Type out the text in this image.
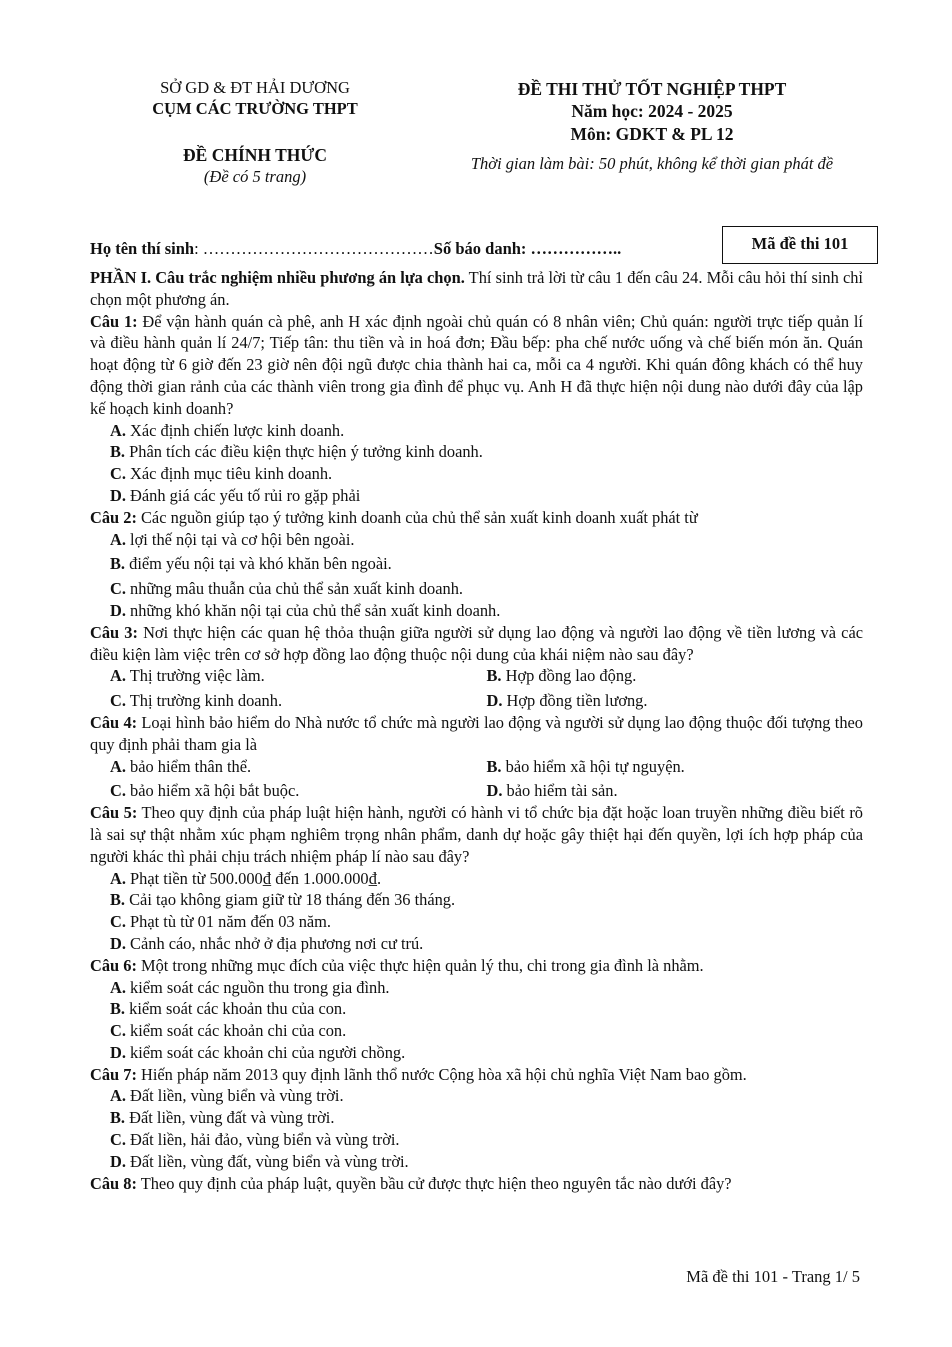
SỞ GD & ĐT HẢI DƯƠNG
CỤM CÁC TRƯỜNG THPT
ĐỀ CHÍNH THỨC
(Đề có 5 trang)
ĐỀ THI THỬ TỐT NGHIỆP THPT
Năm học: 2024 - 2025
Môn: GDKT & PL 12
Thời gian làm bài: 50 phút, không kể thời gian phát đề
Họ tên thí sinh: ……………………………………Số báo danh: ……………..	Mã đề thi 101
PHẦN I. Câu trắc nghiệm nhiều phương án lựa chọn. Thí sinh trả lời từ câu 1 đến câu 24. Mỗi câu hỏi thí sinh chỉ chọn một phương án.
Câu 1: Để vận hành quán cà phê, anh H xác định ngoài chủ quán có 8 nhân viên; Chủ quán: người trực tiếp quản lí và điều hành quản lí 24/7; Tiếp tân: thu tiền và in hoá đơn; Đầu bếp: pha chế nước uống và chế biến món ăn. Quán hoạt động từ 6 giờ đến 23 giờ nên đội ngũ được chia thành hai ca, mỗi ca 4 người. Khi quán đông khách có thể huy động thời gian rảnh của các thành viên trong gia đình để phục vụ. Anh H đã thực hiện nội dung nào dưới đây của lập kế hoạch kinh doanh?
A. Xác định chiến lược kinh doanh.
B. Phân tích các điều kiện thực hiện ý tưởng kinh doanh.
C. Xác định mục tiêu kinh doanh.
D. Đánh giá các yếu tố rủi ro gặp phải
Câu 2: Các nguồn giúp tạo ý tưởng kinh doanh của chủ thể sản xuất kinh doanh xuất phát từ
A. lợi thế nội tại và cơ hội bên ngoài.
B. điểm yếu nội tại và khó khăn bên ngoài.
C. những mâu thuẫn của chủ thể sản xuất kinh doanh.
D. những khó khăn nội tại của chủ thể sản xuất kinh doanh.
Câu 3: Nơi thực hiện các quan hệ thỏa thuận giữa người sử dụng lao động và người lao động về tiền lương và các điều kiện làm việc trên cơ sở hợp đồng lao động thuộc nội dung của khái niệm nào sau đây?
A. Thị trường việc làm.	B. Hợp đồng lao động.
C. Thị trường kinh doanh.	D. Hợp đồng tiền lương.
Câu 4: Loại hình bảo hiểm do Nhà nước tổ chức mà người lao động và người sử dụng lao động thuộc đối tượng theo quy định phải tham gia là
A. bảo hiểm thân thể.	B. bảo hiểm xã hội tự nguyện.
C. bảo hiểm xã hội bắt buộc.	D. bảo hiểm tài sản.
Câu 5: Theo quy định của pháp luật hiện hành, người có hành vi tổ chức bịa đặt hoặc loan truyền những điều biết rõ là sai sự thật nhằm xúc phạm nghiêm trọng nhân phẩm, danh dự hoặc gây thiệt hại đến quyền, lợi ích hợp pháp của người khác thì phải chịu trách nhiệm pháp lí nào sau đây?
A. Phạt tiền từ 500.000₫ đến 1.000.000₫.
B. Cải tạo không giam giữ từ 18 tháng đến 36 tháng.
C. Phạt tù từ 01 năm đến 03 năm.
D. Cảnh cáo, nhắc nhở ở địa phương nơi cư trú.
Câu 6: Một trong những mục đích của việc thực hiện quản lý thu, chi trong gia đình là nhằm.
A. kiểm soát các nguồn thu trong gia đình.
B. kiểm soát các khoản thu của con.
C. kiểm soát các khoản chi của con.
D. kiểm soát các khoản chi của người chồng.
Câu 7: Hiến pháp năm 2013 quy định lãnh thổ nước Cộng hòa xã hội chủ nghĩa Việt Nam bao gồm.
A. Đất liền, vùng biển và vùng trời.
B. Đất liền, vùng đất và vùng trời.
C. Đất liền, hải đảo, vùng biển và vùng trời.
D. Đất liền, vùng đất, vùng biển và vùng trời.
Câu 8: Theo quy định của pháp luật, quyền bầu cử được thực hiện theo nguyên tắc nào dưới đây?
Mã đề thi 101 - Trang 1/ 5
